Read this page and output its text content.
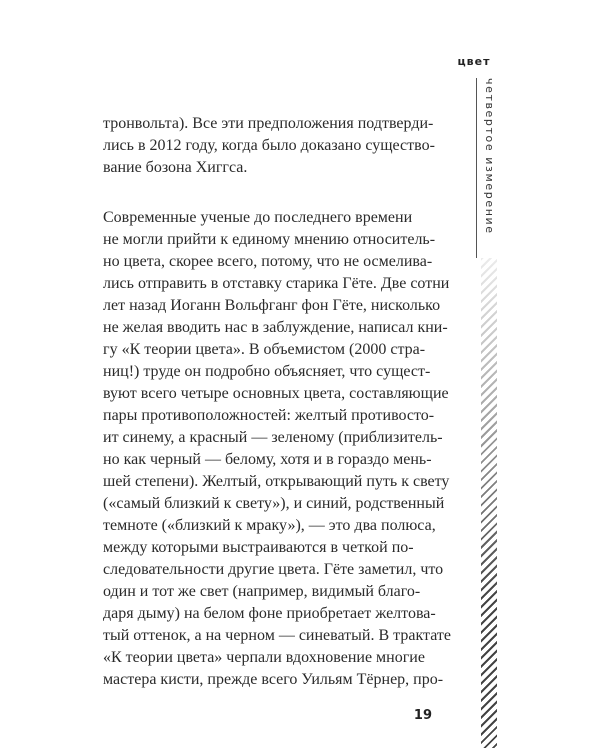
цвет
четвертое измерение
тронвольта). Все эти предположения подтверди-
лись в 2012 году, когда было доказано существо-
вание бозона Хиггса.
Современные ученые до последнего времени
не могли прийти к единому мнению относитель-
но цвета, скорее всего, потому, что не осмелива-
лись отправить в отставку старика Гёте. Две сотни
лет назад Иоганн Вольфганг фон Гёте, нисколько
не желая вводить нас в заблуждение, написал кни-
гу «К теории цвета». В объемистом (2000 стра-
ниц!) труде он подробно объясняет, что сущест-
вуют всего четыре основных цвета, составляющие
пары противоположностей: желтый противосто-
ит синему, а красный — зеленому (приблизитель-
но как черный — белому, хотя и в гораздо мень-
шей степени). Желтый, открывающий путь к свету
(«самый близкий к свету»), и синий, родственный
темноте («близкий к мраку»), — это два полюса,
между которыми выстраиваются в четкой по-
следовательности другие цвета. Гёте заметил, что
один и тот же свет (например, видимый благо-
даря дыму) на белом фоне приобретает желтова-
тый оттенок, а на черном — синеватый. В трактате
«К теории цвета» черпали вдохновение многие
мастера кисти, прежде всего Уильям Тёрнер, про-
19
